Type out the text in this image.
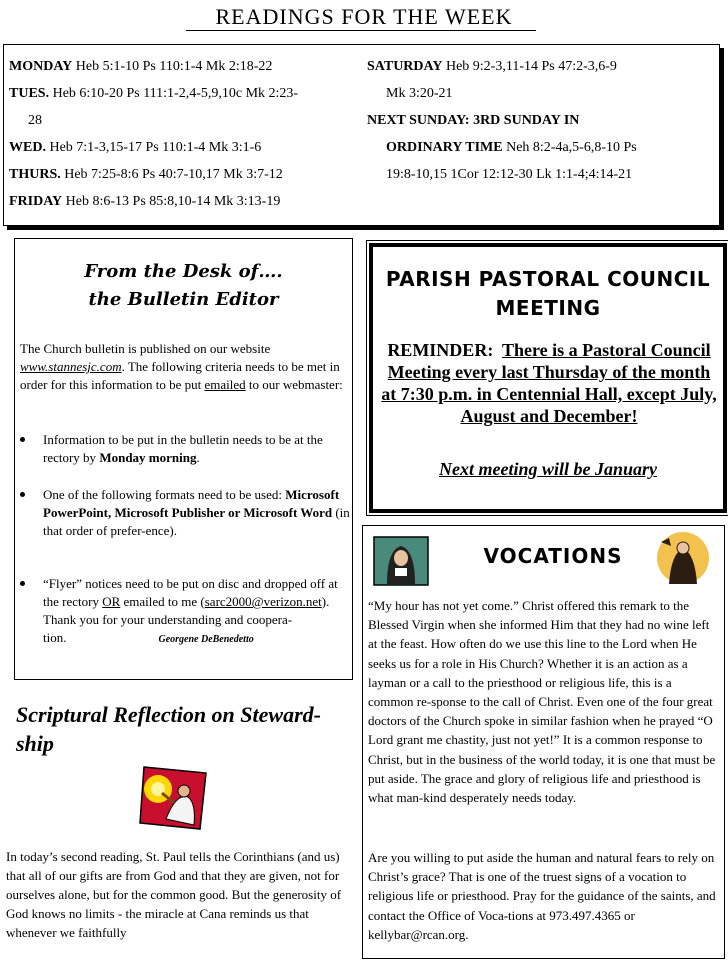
READINGS FOR THE WEEK
MONDAY Heb 5:1-10 Ps 110:1-4 Mk 2:18-22
TUES. Heb 6:10-20 Ps 111:1-2,4-5,9,10c Mk 2:23-
28
WED. Heb 7:1-3,15-17 Ps 110:1-4 Mk 3:1-6
THURS. Heb 7:25-8:6 Ps 40:7-10,17 Mk 3:7-12
FRIDAY Heb 8:6-13 Ps 85:8,10-14 Mk 3:13-19
SATURDAY Heb 9:2-3,11-14 Ps 47:2-3,6-9
Mk 3:20-21
NEXT SUNDAY: 3RD SUNDAY IN
ORDINARY TIME Neh 8:2-4a,5-6,8-10 Ps
19:8-10,15 1Cor 12:12-30 Lk 1:1-4;4:14-21
From the Desk of….
the Bulletin Editor
The Church bulletin is published on our website www.stannesjc.com. The following criteria needs to be met in order for this information to be put emailed to our webmaster:
Information to be put in the bulletin needs to be at the rectory by Monday morning.
One of the following formats need to be used: Microsoft PowerPoint, Microsoft Publisher or Microsoft Word (in that order of prefer-ence).
“Flyer” notices need to be put on disc and dropped off at the rectory OR emailed to me (sarc2000@verizon.net).
Thank you for your understanding and coopera-tion.	Georgene DeBenedetto
Scriptural Reflection on Steward-ship
In today’s second reading, St. Paul tells the Corinthians (and us) that all of our gifts are from God and that they are given, not for ourselves alone, but for the common good. But the generosity of God knows no limits - the miracle at Cana reminds us that whenever we faithfully
PARISH PASTORAL COUNCIL MEETING
REMINDER: There is a Pastoral Council Meeting every last Thursday of the month at 7:30 p.m. in Centennial Hall, except July, August and December!
Next meeting will be January
VOCATIONS
“My hour has not yet come.” Christ offered this remark to the Blessed Virgin when she informed Him that they had no wine left at the feast. How often do we use this line to the Lord when He seeks us for a role in His Church? Whether it is an action as a layman or a call to the priesthood or religious life, this is a common re-sponse to the call of Christ. Even one of the four great doctors of the Church spoke in similar fashion when he prayed “O Lord grant me chastity, just not yet!” It is a common response to Christ, but in the business of the world today, it is one that must be put aside. The grace and glory of religious life and priesthood is what man-kind desperately needs today.
Are you willing to put aside the human and natural fears to rely on Christ’s grace? That is one of the truest signs of a vocation to religious life or priesthood. Pray for the guidance of the saints, and contact the Office of Voca-tions at 973.497.4365 or kellybar@rcan.org.
